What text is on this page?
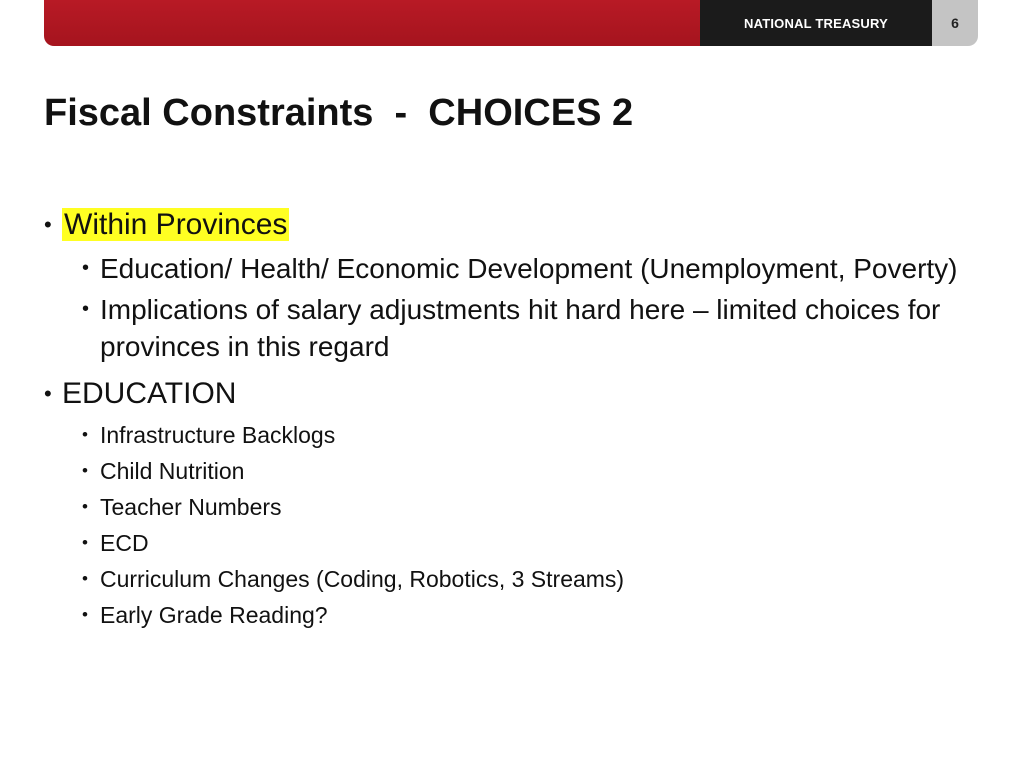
NATIONAL TREASURY	6
Fiscal Constraints  -  CHOICES 2
• Within Provinces
• Education/ Health/ Economic Development (Unemployment, Poverty)
• Implications of salary adjustments hit hard here – limited choices for provinces in this regard
• EDUCATION
• Infrastructure Backlogs
• Child Nutrition
• Teacher Numbers
• ECD
• Curriculum Changes (Coding, Robotics, 3 Streams)
• Early Grade Reading?
